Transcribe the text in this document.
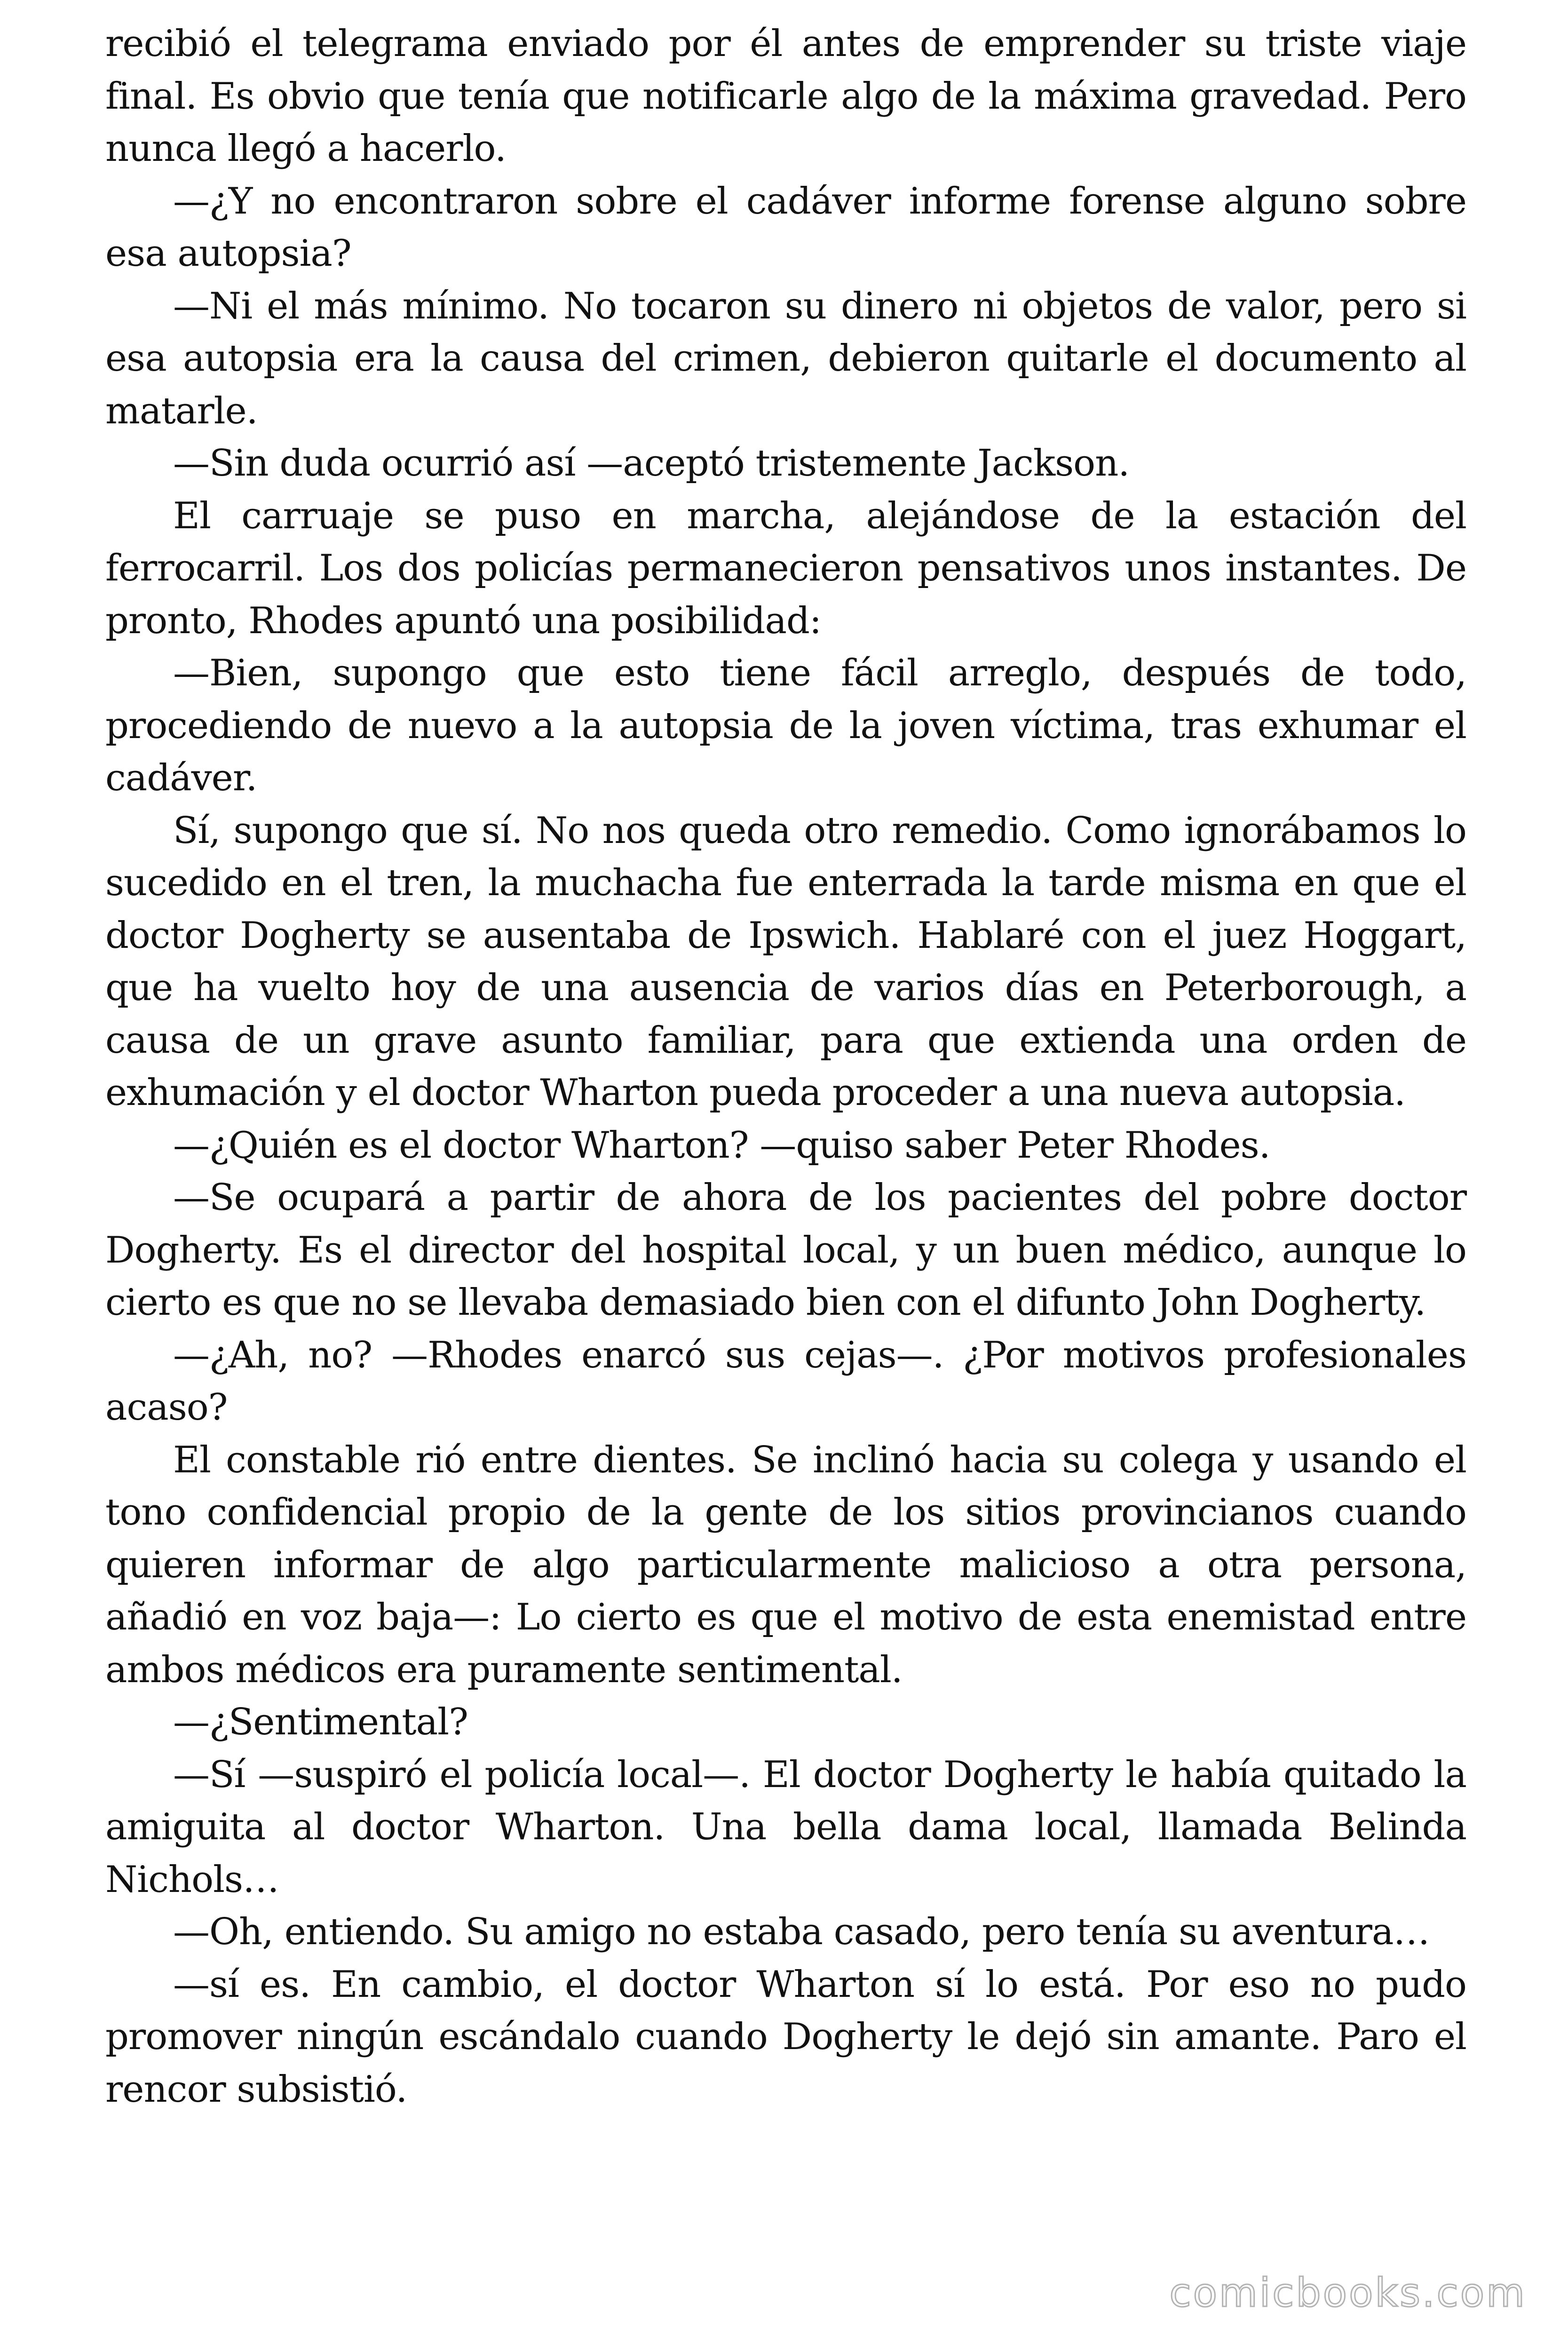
recibió el telegrama enviado por él antes de emprender su triste viaje final. Es obvio que tenía que notificarle algo de la máxima gravedad. Pero nunca llegó a hacerlo.

—¿Y no encontraron sobre el cadáver informe forense alguno sobre esa autopsia?

—Ni el más mínimo. No tocaron su dinero ni objetos de valor, pero si esa autopsia era la causa del crimen, debieron quitarle el documento al matarle.

—Sin duda ocurrió así —aceptó tristemente Jackson.

El carruaje se puso en marcha, alejándose de la estación del ferrocarril. Los dos policías permanecieron pensativos unos instantes. De pronto, Rhodes apuntó una posibilidad:

—Bien, supongo que esto tiene fácil arreglo, después de todo, procediendo de nuevo a la autopsia de la joven víctima, tras exhumar el cadáver.

Sí, supongo que sí. No nos queda otro remedio. Como ignorábamos lo sucedido en el tren, la muchacha fue enterrada la tarde misma en que el doctor Dogherty se ausentaba de Ipswich. Hablaré con el juez Hoggart, que ha vuelto hoy de una ausencia de varios días en Peterborough, a causa de un grave asunto familiar, para que extienda una orden de exhumación y el doctor Wharton pueda proceder a una nueva autopsia.

—¿Quién es el doctor Wharton? —quiso saber Peter Rhodes.

—Se ocupará a partir de ahora de los pacientes del pobre doctor Dogherty. Es el director del hospital local, y un buen médico, aunque lo cierto es que no se llevaba demasiado bien con el difunto John Dogherty.

—¿Ah, no? —Rhodes enarcó sus cejas—. ¿Por motivos profesionales acaso?

El constable rió entre dientes. Se inclinó hacia su colega y usando el tono confidencial propio de la gente de los sitios provincianos cuando quieren informar de algo particularmente malicioso a otra persona, añadió en voz baja—: Lo cierto es que el motivo de esta enemistad entre ambos médicos era puramente sentimental.

—¿Sentimental?

—Sí —suspiró el policía local—. El doctor Dogherty le había quitado la amiguita al doctor Wharton. Una bella dama local, llamada Belinda Nichols…

—Oh, entiendo. Su amigo no estaba casado, pero tenía su aventura…

—sí es. En cambio, el doctor Wharton sí lo está. Por eso no pudo promover ningún escándalo cuando Dogherty le dejó sin amante. Paro el rencor subsistió.

comicbooks.com
